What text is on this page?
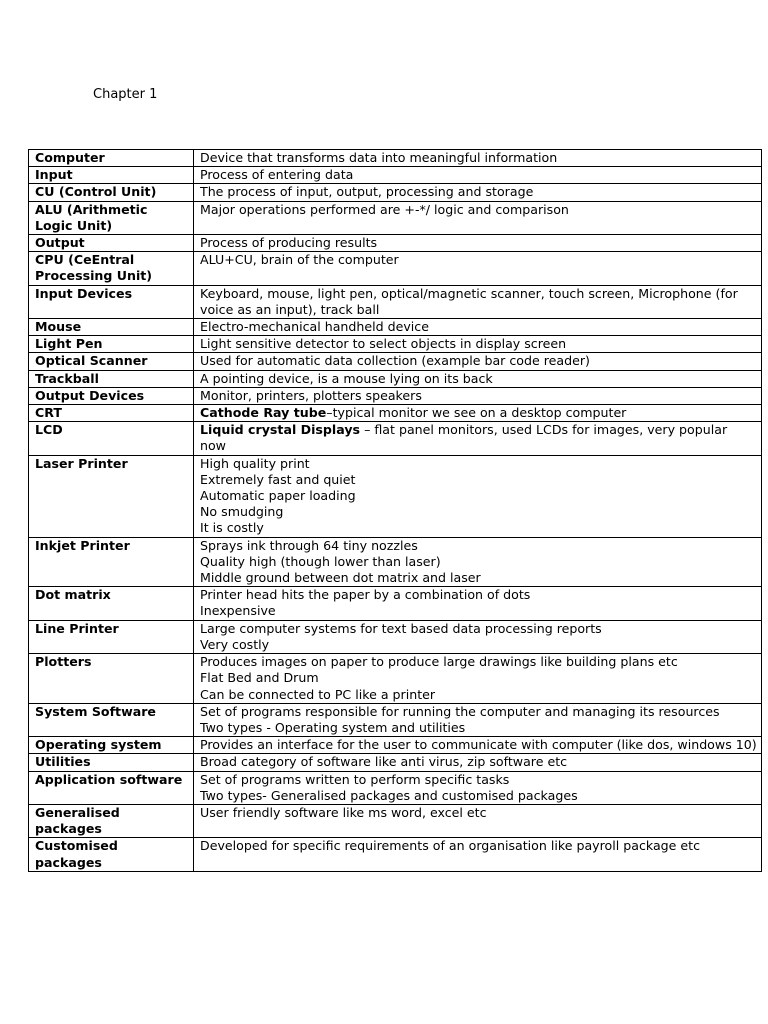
Chapter 1
Computer	Device that transforms data into meaningful information

Input	Process of entering data

CU (Control Unit)	The process of input, output, processing and storage

ALU (Arithmetic Logic Unit)	Major operations performed are +-*/ logic and comparison

Output	Process of producing results

CPU (CeEntral Processing Unit)	ALU+CU, brain of the computer

Input Devices	Keyboard, mouse, light pen, optical/magnetic scanner, touch screen, Microphone (for voice as an input), track ball

Mouse	Electro-mechanical handheld device

Light Pen	Light sensitive detector to select objects in display screen

Optical Scanner	Used for automatic data collection (example bar code reader)

Trackball	A pointing device, is a mouse lying on its back

Output Devices	Monitor, printers, plotters speakers

CRT	Cathode Ray tube–typical monitor we see on a desktop computer

LCD	Liquid crystal Displays – flat panel monitors, used LCDs for images, very popular now

Laser Printer	High quality print
Extremely fast and quiet
Automatic paper loading
No smudging
It is costly

Inkjet Printer	Sprays ink through 64 tiny nozzles
Quality high (though lower than laser)
Middle ground between dot matrix and laser

Dot matrix	Printer head hits the paper by a combination of dots
Inexpensive

Line Printer	Large computer systems for text based data processing reports
Very costly

Plotters	Produces images on paper to produce large drawings like building plans etc
Flat Bed and Drum
Can be connected to PC like a printer

System Software	Set of programs responsible for running the computer and managing its resources
Two types - Operating system and utilities

Operating system	Provides an interface for the user to communicate with computer (like dos, windows 10)

Utilities	Broad category of software like anti virus, zip software etc

Application software	Set of programs written to perform specific tasks
Two types- Generalised packages and customised packages

Generalised packages	User friendly software like ms word, excel etc

Customised packages	Developed for specific requirements of an organisation like payroll package etc
